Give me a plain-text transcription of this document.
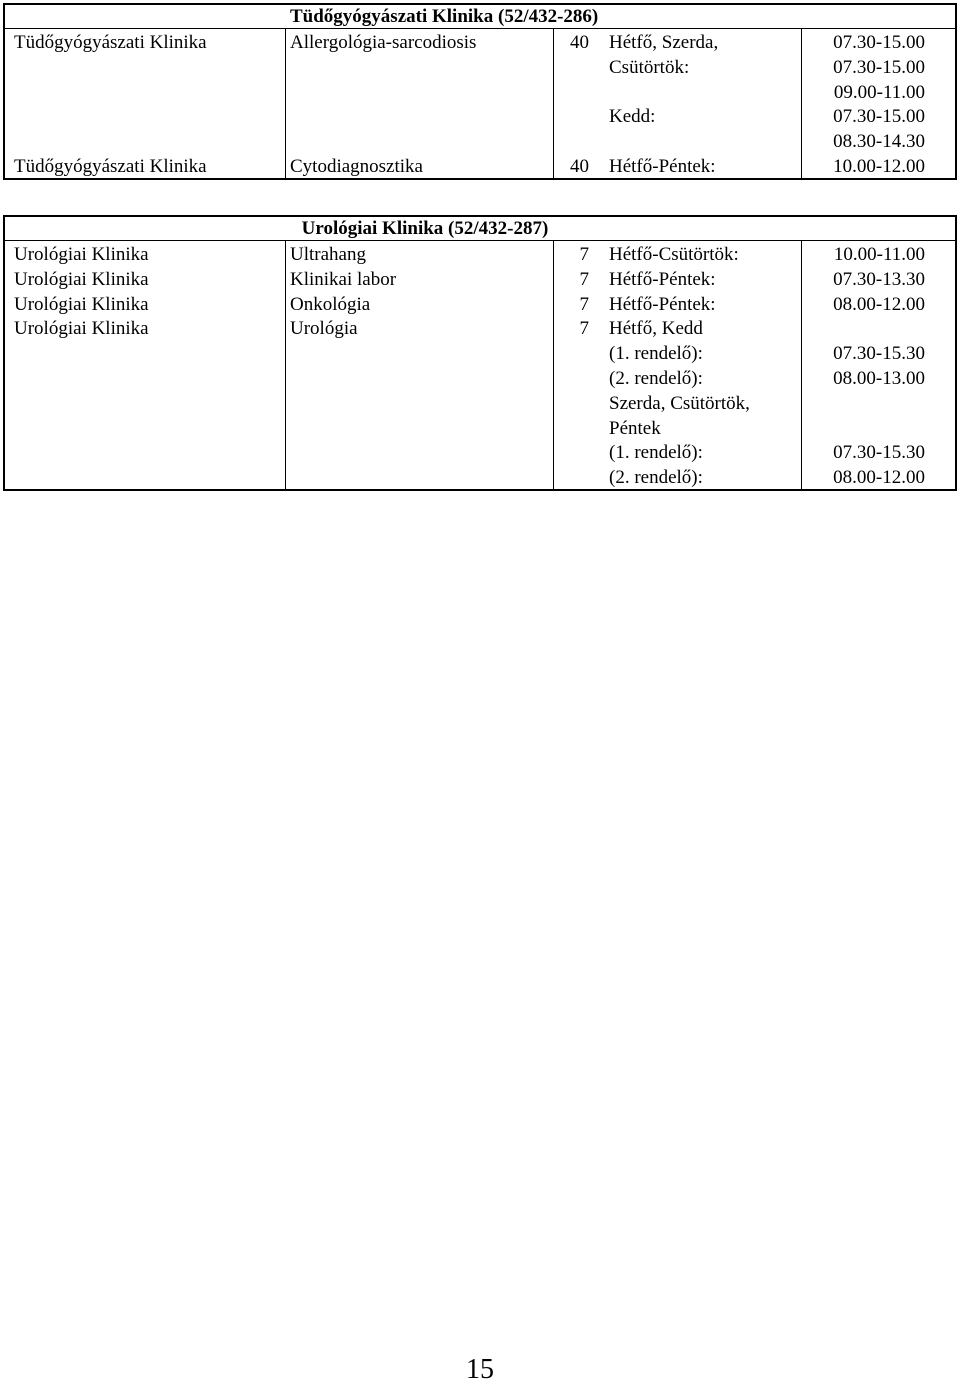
Tüdőgyógyászati Klinika (52/432-286)
Tüdőgyógyászati Klinika	Allergológia-sarcodiosis	40 Hétfő, Szerda,	07.30-15.00
Csütörtök:	07.30-15.00
09.00-11.00
Kedd:	07.30-15.00
08.30-14.30
Tüdőgyógyászati Klinika	Cytodiagnosztika	40 Hétfő-Péntek:	10.00-12.00
Urológiai Klinika (52/432-287)
Urológiai Klinika	Ultrahang	7 Hétfő-Csütörtök:	10.00-11.00
Urológiai Klinika	Klinikai labor	7 Hétfő-Péntek:	07.30-13.30
Urológiai Klinika	Onkológia	7 Hétfő-Péntek:	08.00-12.00
Urológiai Klinika	Urológia	7 Hétfő, Kedd
(1. rendelő):	07.30-15.30
(2. rendelő):	08.00-13.00
Szerda, Csütörtök,
Péntek
(1. rendelő):	07.30-15.30
(2. rendelő):	08.00-12.00
15
